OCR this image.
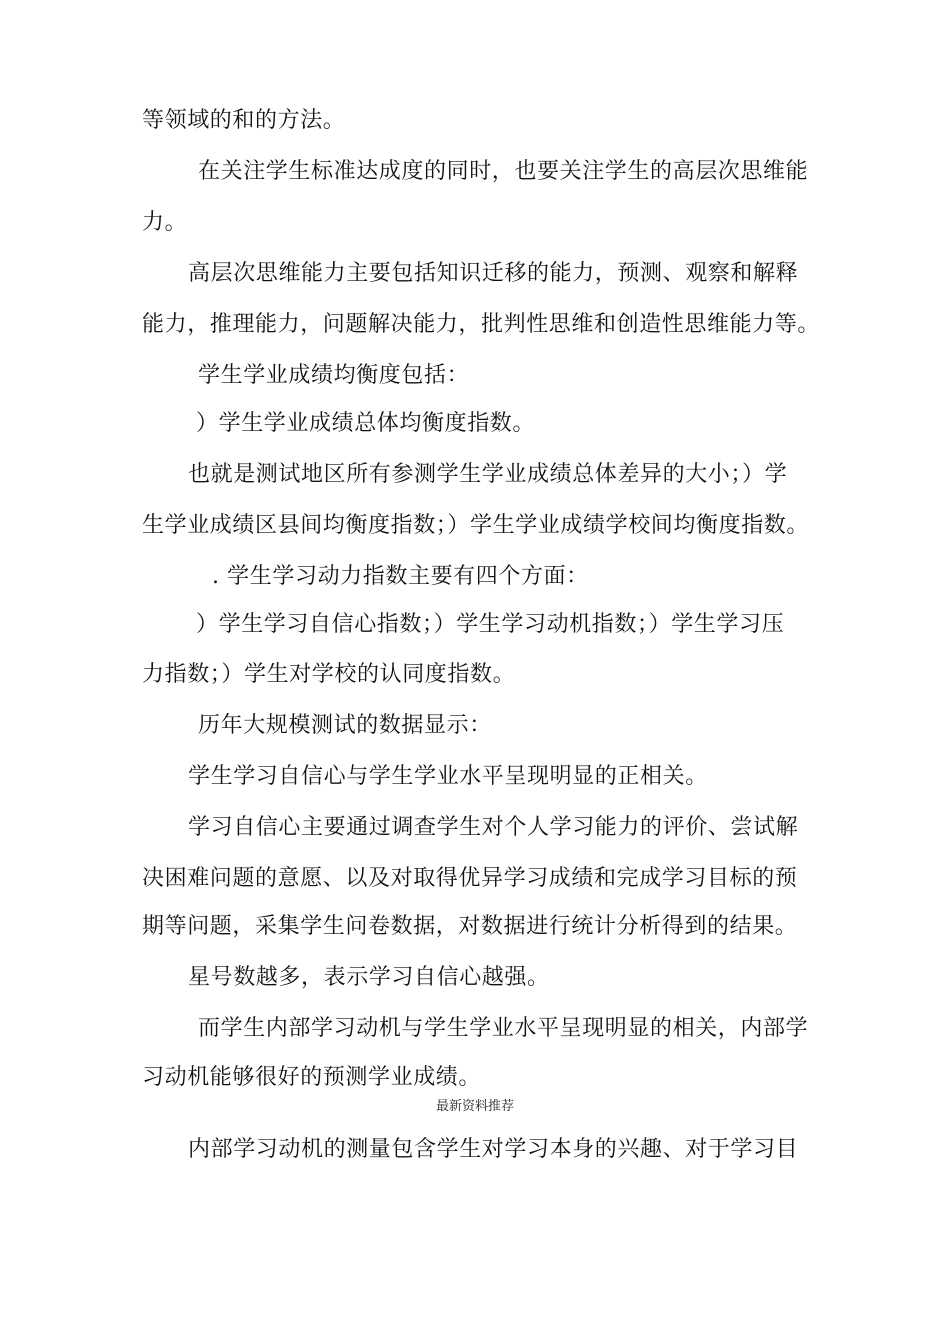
等领域的和的方法。
在关注学生标准达成度的同时，也要关注学生的高层次思维能
力。
高层次思维能力主要包括知识迁移的能力，预测、观察和解释
能力，推理能力，问题解决能力，批判性思维和创造性思维能力等。
学生学业成绩均衡度包括：
）学生学业成绩总体均衡度指数。
也就是测试地区所有参测学生学业成绩总体差异的大小；）学
生学业成绩区县间均衡度指数；）学生学业成绩学校间均衡度指数。
. 学生学习动力指数主要有四个方面：
）学生学习自信心指数；）学生学习动机指数；）学生学习压
力指数；）学生对学校的认同度指数。
历年大规模测试的数据显示：
学生学习自信心与学生学业水平呈现明显的正相关。
学习自信心主要通过调查学生对个人学习能力的评价、尝试解
决困难问题的意愿、以及对取得优异学习成绩和完成学习目标的预
期等问题，采集学生问卷数据，对数据进行统计分析得到的结果。
星号数越多，表示学习自信心越强。
而学生内部学习动机与学生学业水平呈现明显的相关，内部学
习动机能够很好的预测学业成绩。
最新资料推荐
内部学习动机的测量包含学生对学习本身的兴趣、对于学习目
